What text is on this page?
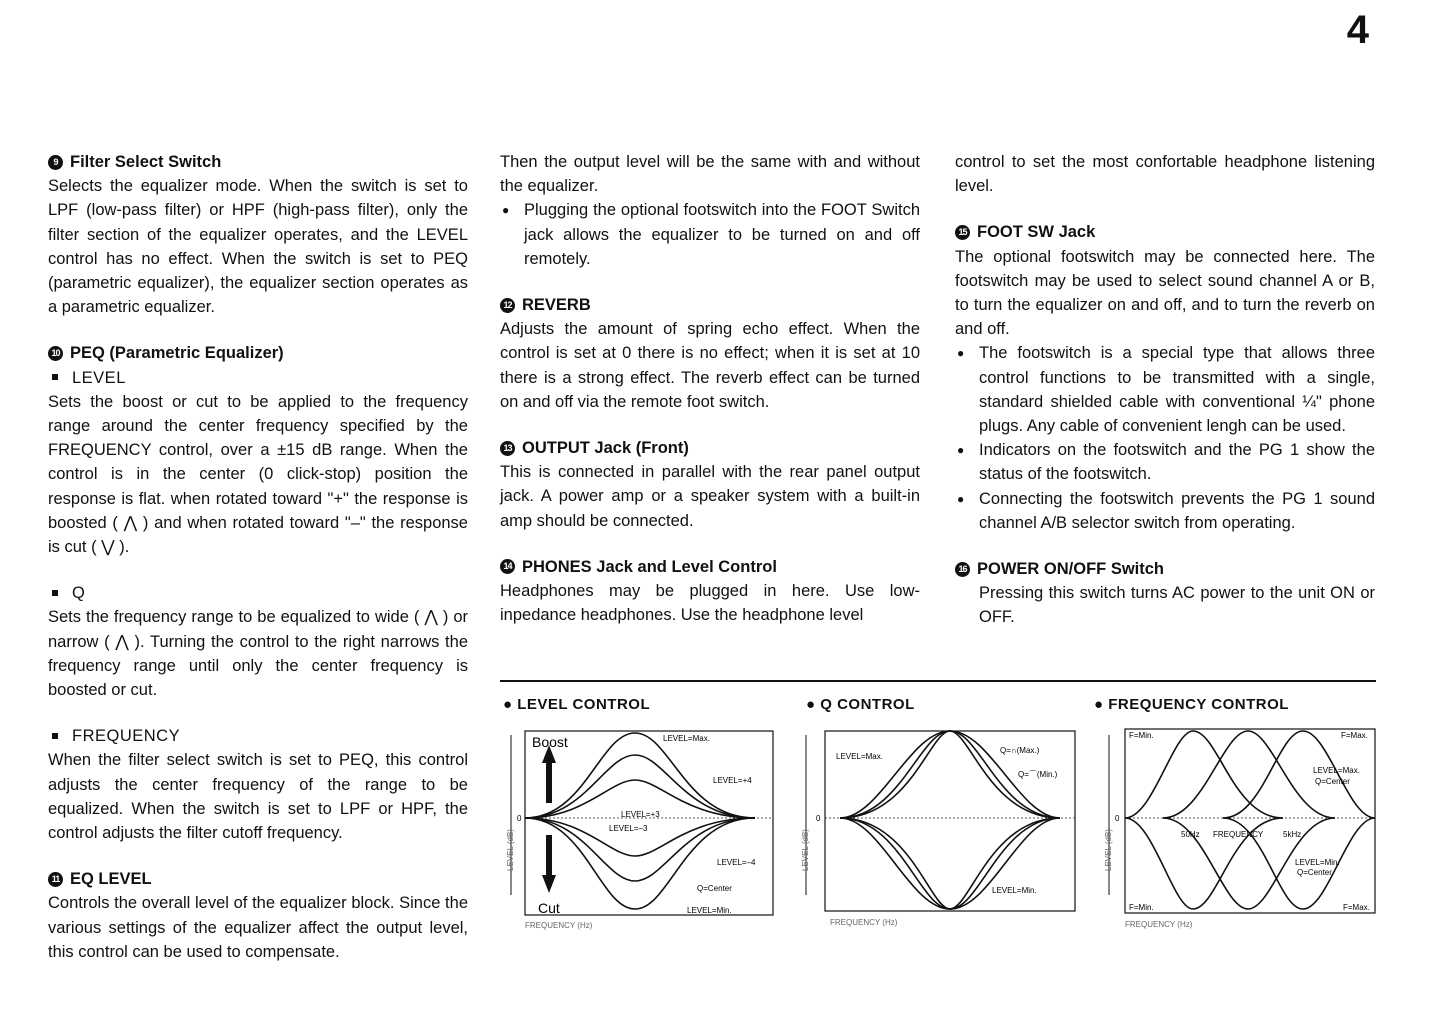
4
9 Filter Select Switch

Selects the equalizer mode. When the switch is set to LPF (low-pass filter) or HPF (high-pass filter), only the filter section of the equalizer operates, and the LEVEL control has no effect. When the switch is set to PEQ (parametric equalizer), the equalizer section operates as a parametric equalizer.

10 PEQ (Parametric Equalizer)
LEVEL

Sets the boost or cut to be applied to the frequency range around the center frequency specified by the FREQUENCY control, over a ±15 dB range. When the control is in the center (0 click-stop) position the response is flat. when rotated toward "+" the response is boosted ( ⋀ ) and when rotated toward "–" the response is cut ( ⋁ ).

Q

Sets the frequency range to be equalized to wide ( ⋀ ) or narrow ( ⋀ ). Turning the control to the right narrows the frequency range until only the center frequency is boosted or cut.

FREQUENCY

When the filter select switch is set to PEQ, this control adjusts the center frequency of the range to be equalized. When the switch is set to LPF or HPF, the control adjusts the filter cutoff frequency.

11 EQ LEVEL

Controls the overall level of the equalizer block. Since the various settings of the equalizer affect the output level, this control can be used to compensate.

Then the output level will be the same with and without the equalizer.

● Plugging the optional footswitch into the FOOT Switch jack allows the equalizer to be turned on and off remotely.
12 REVERB

Adjusts the amount of spring echo effect. When the control is set at 0 there is no effect; when it is set at 10 there is a strong effect. The reverb effect can be turned on and off via the remote foot switch.

13 OUTPUT Jack (Front)

This is connected in parallel with the rear panel output jack. A power amp or a speaker system with a built-in amp should be connected.

14 PHONES Jack and Level Control

Headphones may be plugged in here. Use low-inpedance headphones. Use the headphone level

control to set the most confortable headphone listening level.

15 FOOT SW Jack

The optional footswitch may be connected here. The footswitch may be used to select sound channel A or B, to turn the equalizer on and off, and to turn the reverb on and off.

● The footswitch is a special type that allows three control functions to be transmitted with a single, standard shielded cable with conventional ¼" phone plugs. Any cable of convenient lengh can be used.
● Indicators on the footswitch and the PG 1 show the status of the footswitch.
● Connecting the footswitch prevents the PG 1 sound channel A/B selector switch from operating.
16 POWER ON/OFF Switch

Pressing this switch turns AC power to the unit ON or OFF.

● LEVEL CONTROL	● Q CONTROL	● FREQUENCY CONTROL
Boost
Cut
LEVEL=Max.
LEVEL=+4
LEVEL=+3
LEVEL=–3
LEVEL=–4
Q=Center
LEVEL=Min.
0
LEVEL (dB)
FREQUENCY (Hz)
LEVEL=Max.
Q=∩(Max.)
Q=⌒(Min.)
LEVEL=Min.
0
LEVEL (dB)
FREQUENCY (Hz)
F=Min.	F=Max.
LEVEL=Max.
Q=Center
50Hz FREQUENCY 5kHz
LEVEL=Min.
Q=Center
F=Min.	F=Max.
0
LEVEL (dB)
FREQUENCY (Hz)
